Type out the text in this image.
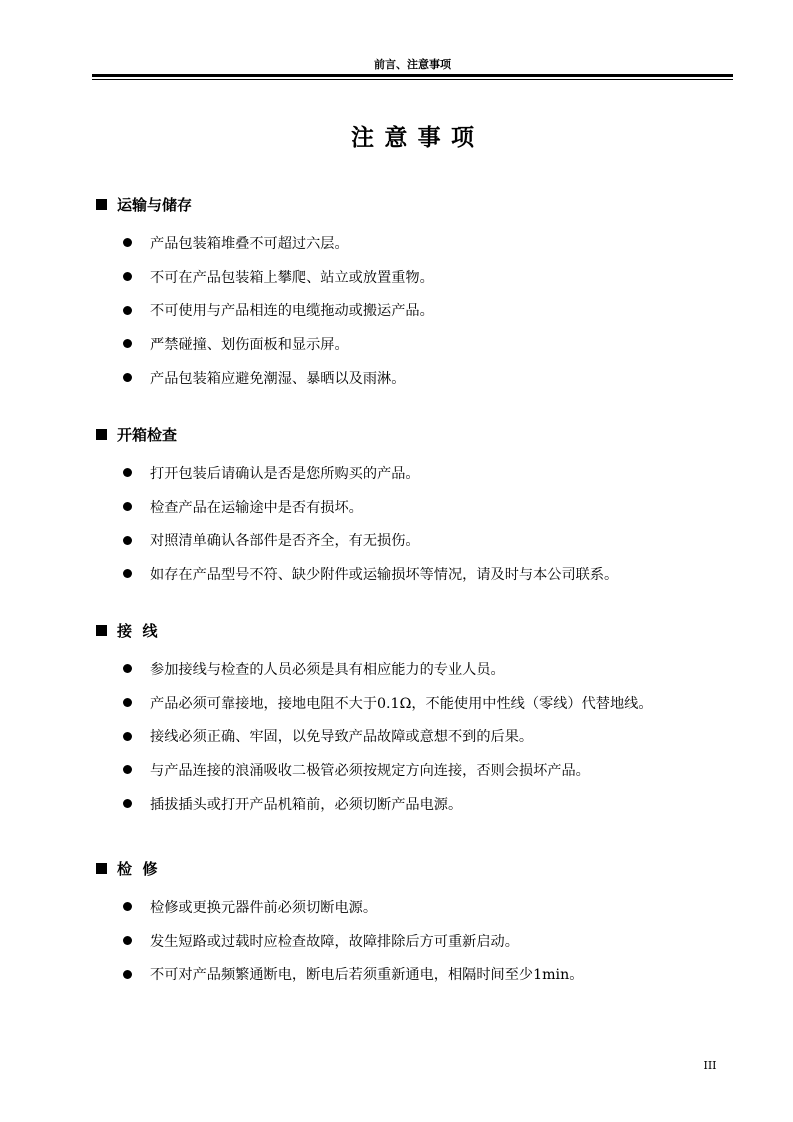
前言、注意事项
注意事项
运输与储存
产品包装箱堆叠不可超过六层。
不可在产品包装箱上攀爬、站立或放置重物。
不可使用与产品相连的电缆拖动或搬运产品。
严禁碰撞、划伤面板和显示屏。
产品包装箱应避免潮湿、暴晒以及雨淋。
开箱检查
打开包装后请确认是否是您所购买的产品。
检查产品在运输途中是否有损坏。
对照清单确认各部件是否齐全，有无损伤。
如存在产品型号不符、缺少附件或运输损坏等情况，请及时与本公司联系。
接  线
参加接线与检查的人员必须是具有相应能力的专业人员。
产品必须可靠接地，接地电阻不大于0.1Ω，不能使用中性线（零线）代替地线。
接线必须正确、牢固，以免导致产品故障或意想不到的后果。
与产品连接的浪涌吸收二极管必须按规定方向连接，否则会损坏产品。
插拔插头或打开产品机箱前，必须切断产品电源。
检  修
检修或更换元器件前必须切断电源。
发生短路或过载时应检查故障，故障排除后方可重新启动。
不可对产品频繁通断电，断电后若须重新通电，相隔时间至少1min。
III
